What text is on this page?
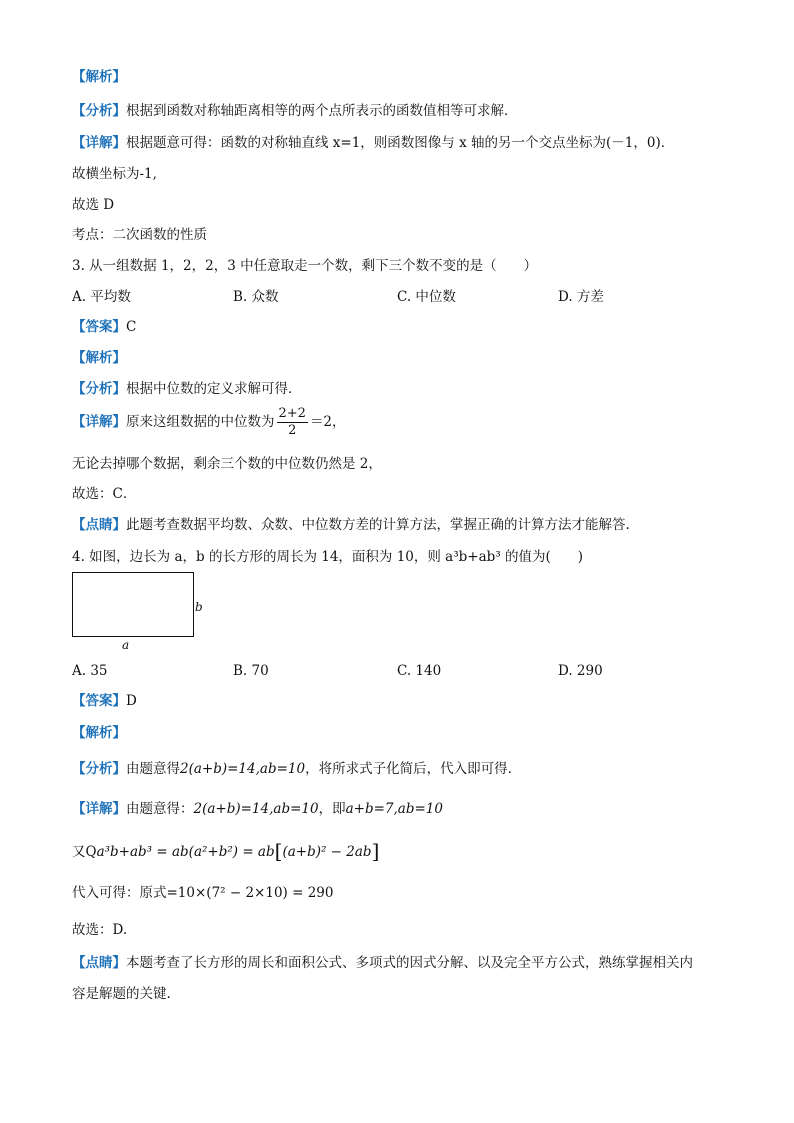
【解析】
【分析】根据到函数对称轴距离相等的两个点所表示的函数值相等可求解．
【详解】根据题意可得：函数的对称轴直线 x=1，则函数图像与 x 轴的另一个交点坐标为(－1，0)．
故横坐标为-1,
故选 D
考点：二次函数的性质
3. 从一组数据 1，2，2，3 中任意取走一个数，剩下三个数不变的是（　　）
A. 平均数	B. 众数	C. 中位数	D. 方差
【答案】C
【解析】
【分析】根据中位数的定义求解可得．
【详解】原来这组数据的中位数为 $\frac{2+2}{2} =2$，
无论去掉哪个数据，剩余三个数的中位数仍然是 2，
故选：C．
【点睛】此题考查数据平均数、众数、中位数方差的计算方法，掌握正确的计算方法才能解答.
4. 如图，边长为 a，b 的长方形的周长为 14，面积为 10，则 a³b+ab³ 的值为(　　)
b
a
A. 35	B. 70	C. 140	D. 290
【答案】D
【解析】
【分析】由题意得2(a+b)=14,ab=10，将所求式子化简后，代入即可得.
【详解】由题意得：2(a+b)=14,ab=10，即a+b=7,ab=10
又Qa³b+ab³ = ab(a²+b²) = ab[(a+b)² − 2ab]
代入可得：原式=10×(7² − 2×10) = 290
故选：D.
【点睛】本题考查了长方形的周长和面积公式、多项式的因式分解、以及完全平方公式，熟练掌握相关内
容是解题的关键.
